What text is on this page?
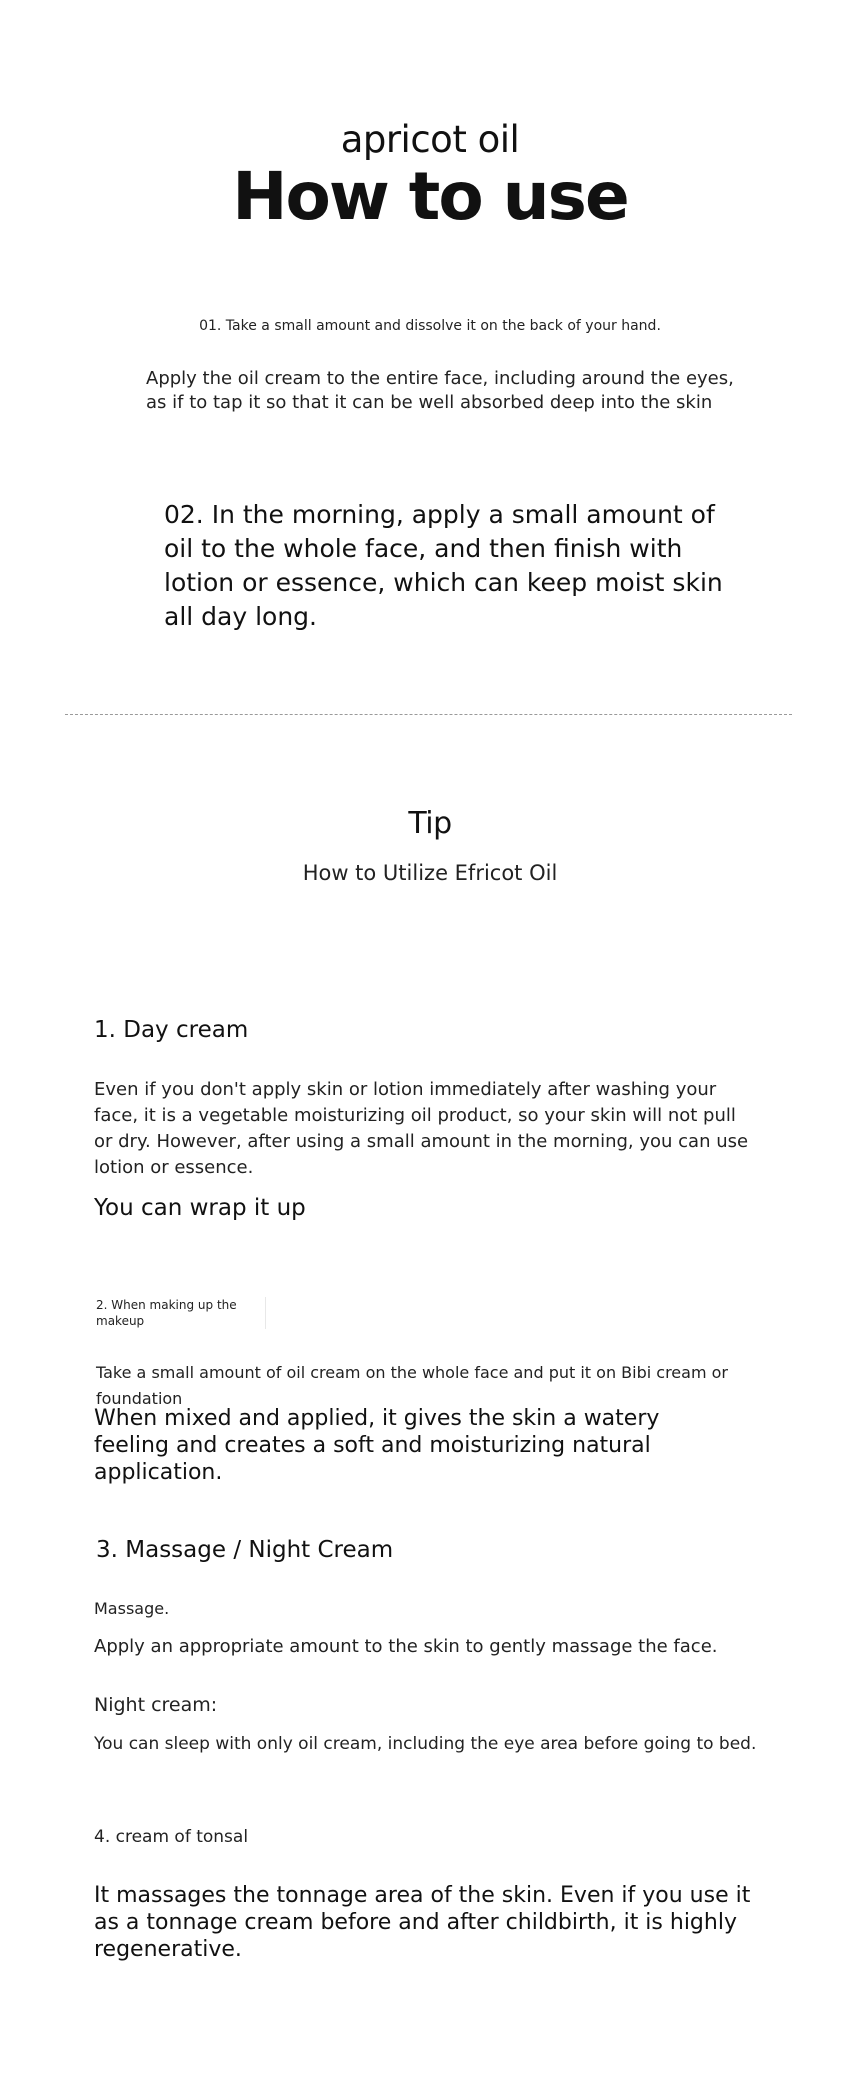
apricot oil
How to use
01. Take a small amount and dissolve it on the back of your hand.
Apply the oil cream to the entire face, including around the eyes, as if to tap it so that it can be well absorbed deep into the skin
02. In the morning, apply a small amount of oil to the whole face, and then finish with lotion or essence, which can keep moist skin all day long.
Tip
How to Utilize Efricot Oil
1. Day cream
Even if you don't apply skin or lotion immediately after washing your face, it is a vegetable moisturizing oil product, so your skin will not pull or dry. However, after using a small amount in the morning, you can use lotion or essence.
You can wrap it up
2. When making up the makeup
Take a small amount of oil cream on the whole face and put it on Bibi cream or foundation
When mixed and applied, it gives the skin a watery feeling and creates a soft and moisturizing natural application.
3. Massage / Night Cream
Massage.
Apply an appropriate amount to the skin to gently massage the face.
Night cream:
You can sleep with only oil cream, including the eye area before going to bed.
4. cream of tonsal
It massages the tonnage area of the skin. Even if you use it as a tonnage cream before and after childbirth, it is highly regenerative.
